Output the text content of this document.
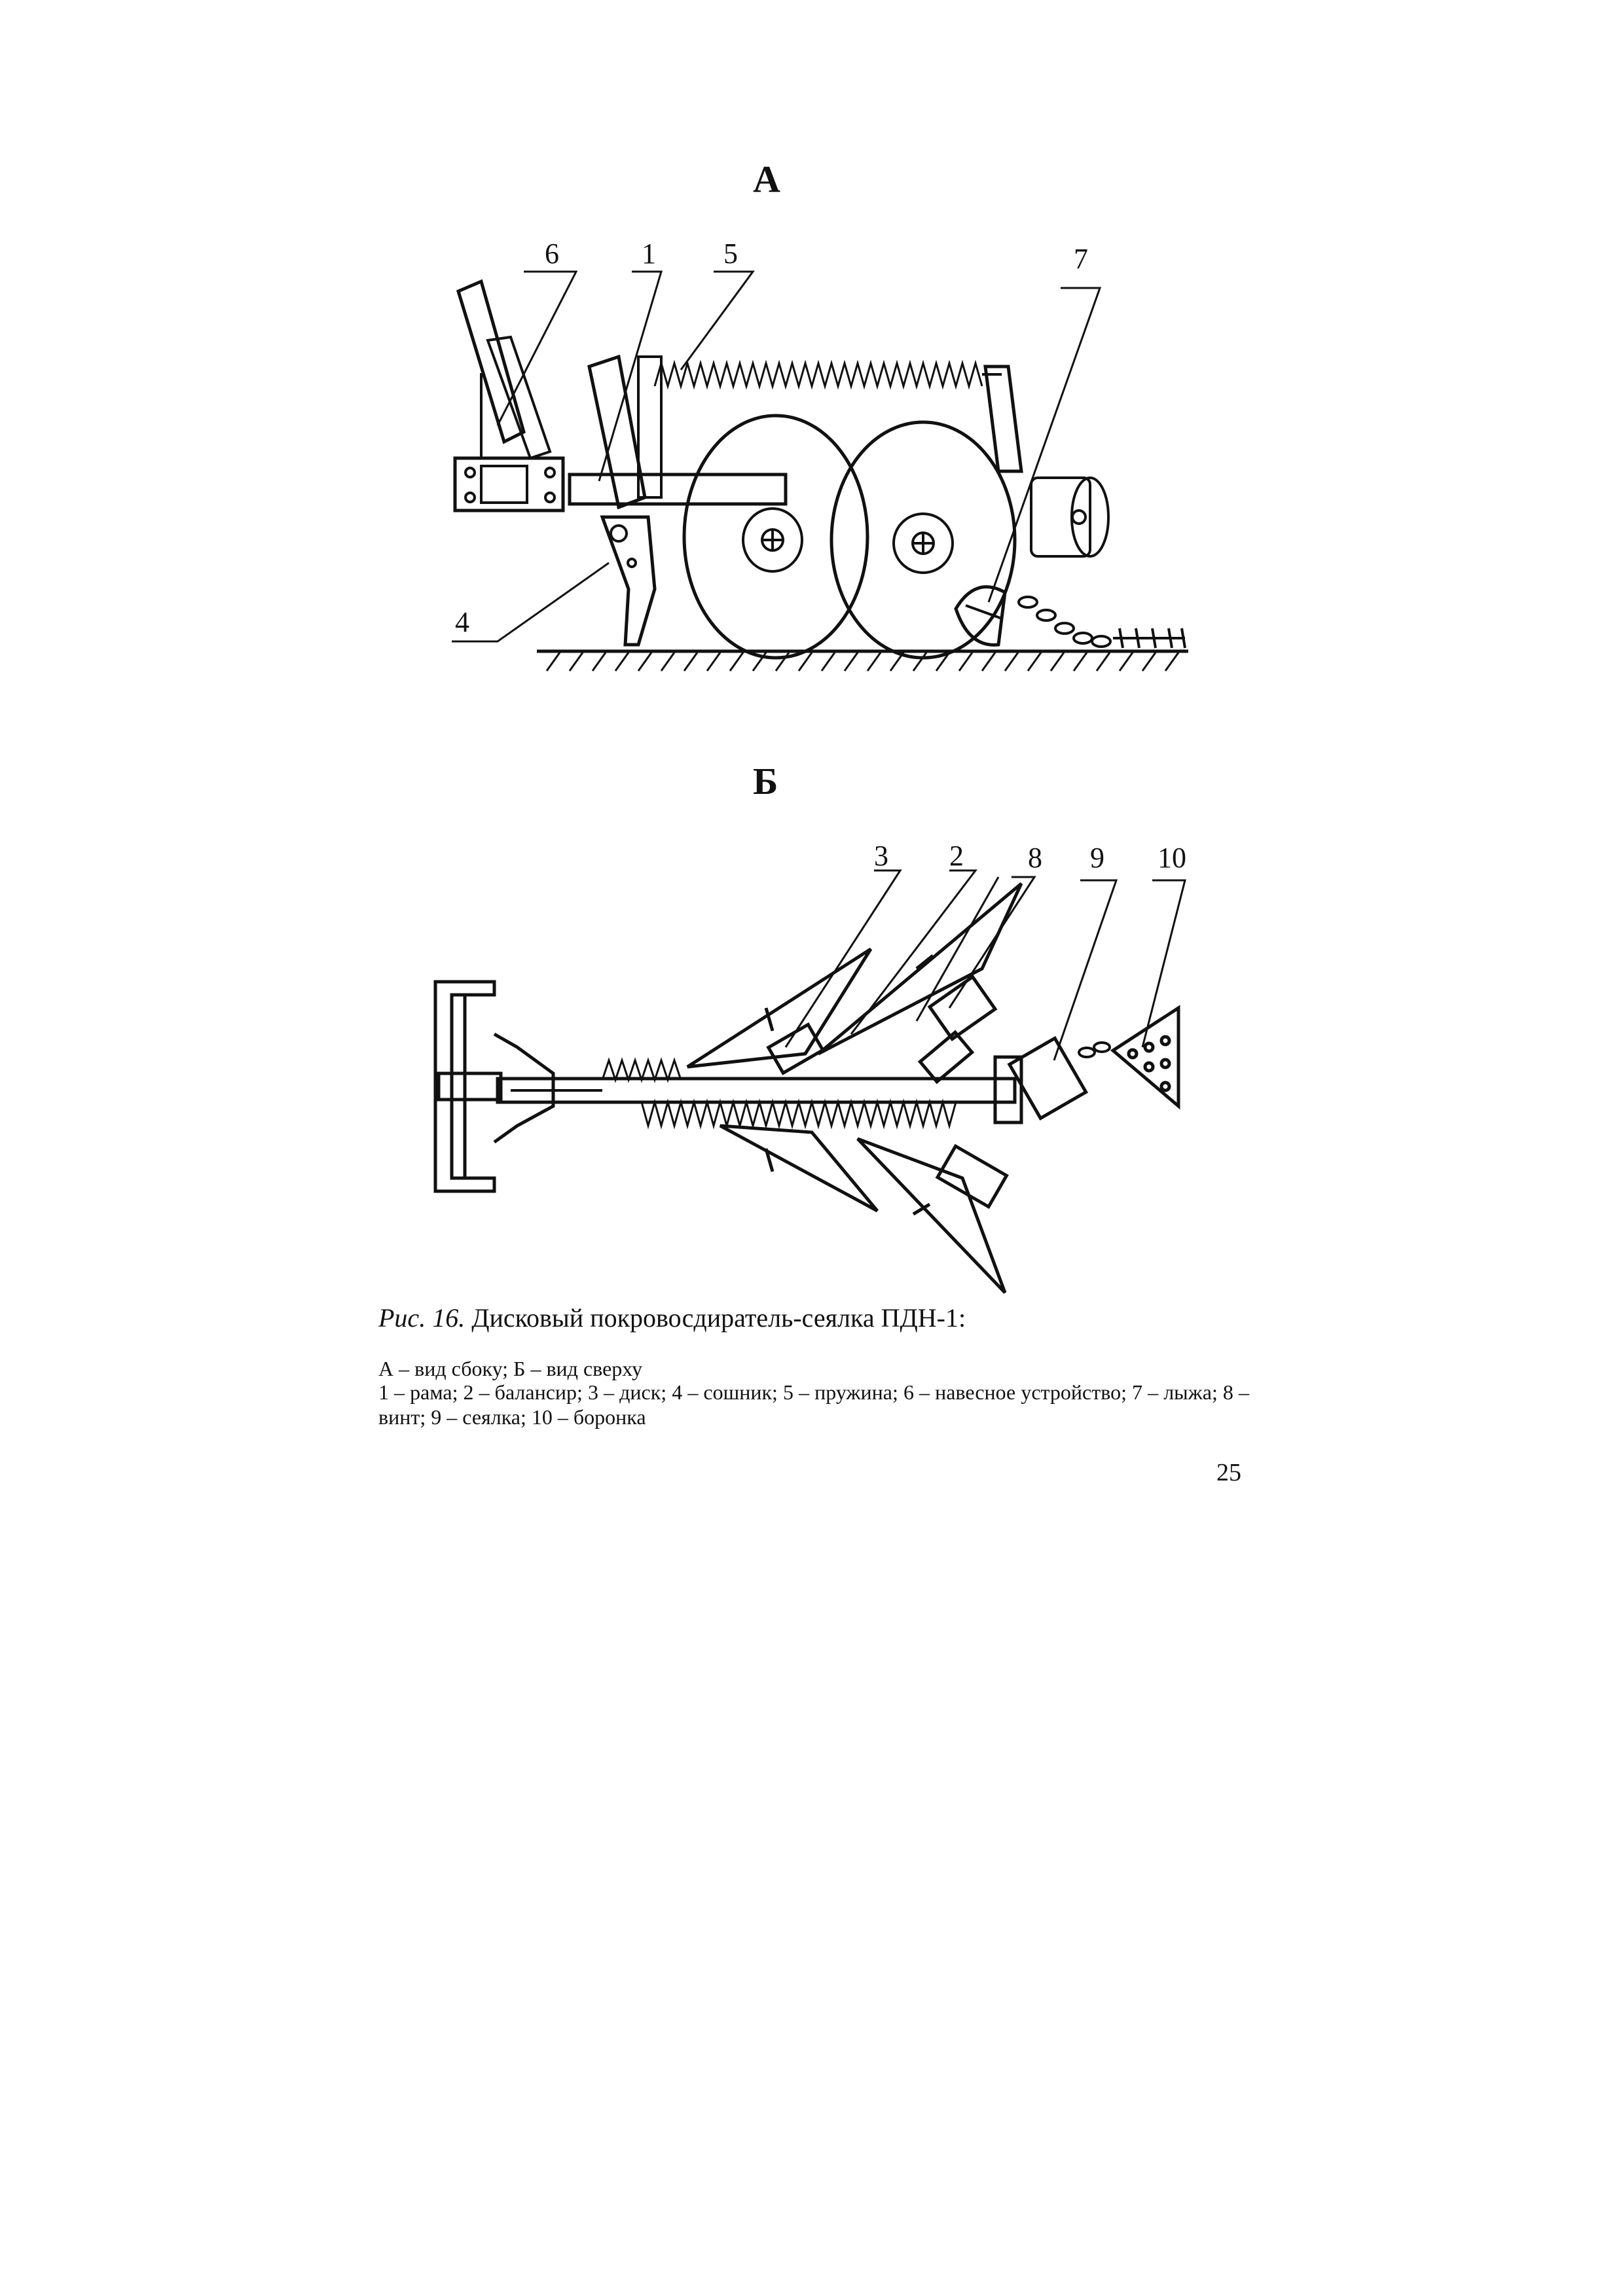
А
Б
6	1 5	7
4
3 2 8 9 10
Рис. 16. Дисковый покровосдиратель-сеялка ПДН-1:
А – вид сбоку; Б – вид сверху
1 – рама; 2 – балансир; 3 – диск; 4 – сошник; 5 – пружина; 6 – навесное устройство; 7 – лыжа; 8 – винт; 9 – сеялка; 10 – боронка
25
